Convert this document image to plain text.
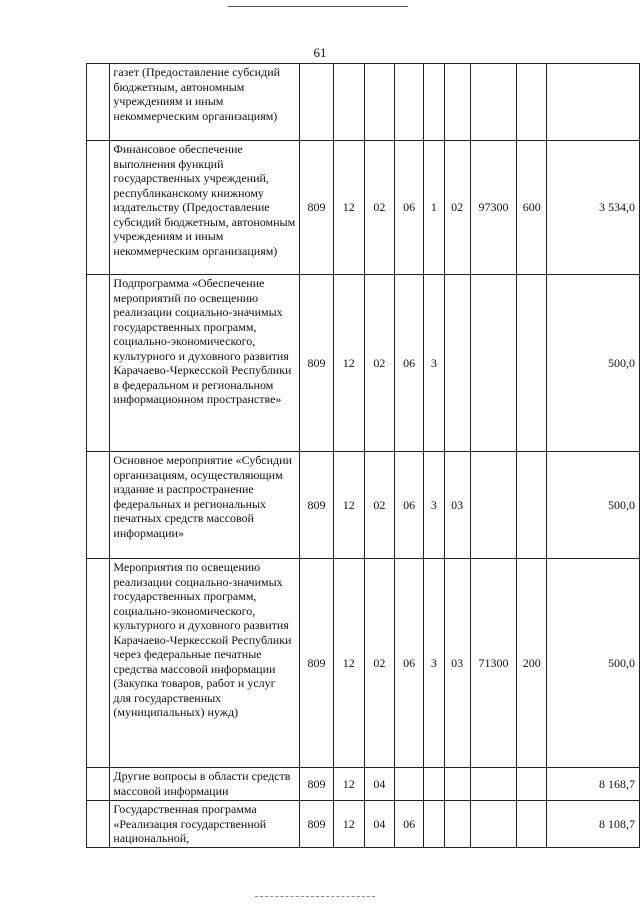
61
	газет (Предоставление субсидий бюджетным, автономным учреждениям и иным некоммерческим организациям)									
	Финансовое обеспечение выполнения функций государственных учреждений, республиканскому книжному издательству (Предоставление субсидий бюджетным, автономным учреждениям и иным некоммерческим организациям)	809	12	02	06	1	02	97300	600	3 534,0
	Подпрограмма «Обеспечение мероприятий по освещению реализации социально-значимых государственных программ, социально-экономического, культурного и духовного развития Карачаево-Черкесской Республики в федеральном и региональном информационном пространстве»	809	12	02	06	3				500,0
	Основное мероприятие «Субсидии организациям, осуществляющим издание и распространение федеральных и региональных печатных средств массовой информации»	809	12	02	06	3	03			500,0
	Мероприятия по освещению реализации социально-значимых государственных программ, социально-экономического, культурного и духовного развития Карачаево-Черкесской Республики через федеральные печатные средства массовой информации (Закупка товаров, работ и услуг для государственных (муниципальных) нужд)	809	12	02	06	3	03	71300	200	500,0
	Другие вопросы в области средств массовой информации	809	12	04						8 168,7
	Государственная программа «Реализация государственной национальной,	809	12	04	06					8 108,7
